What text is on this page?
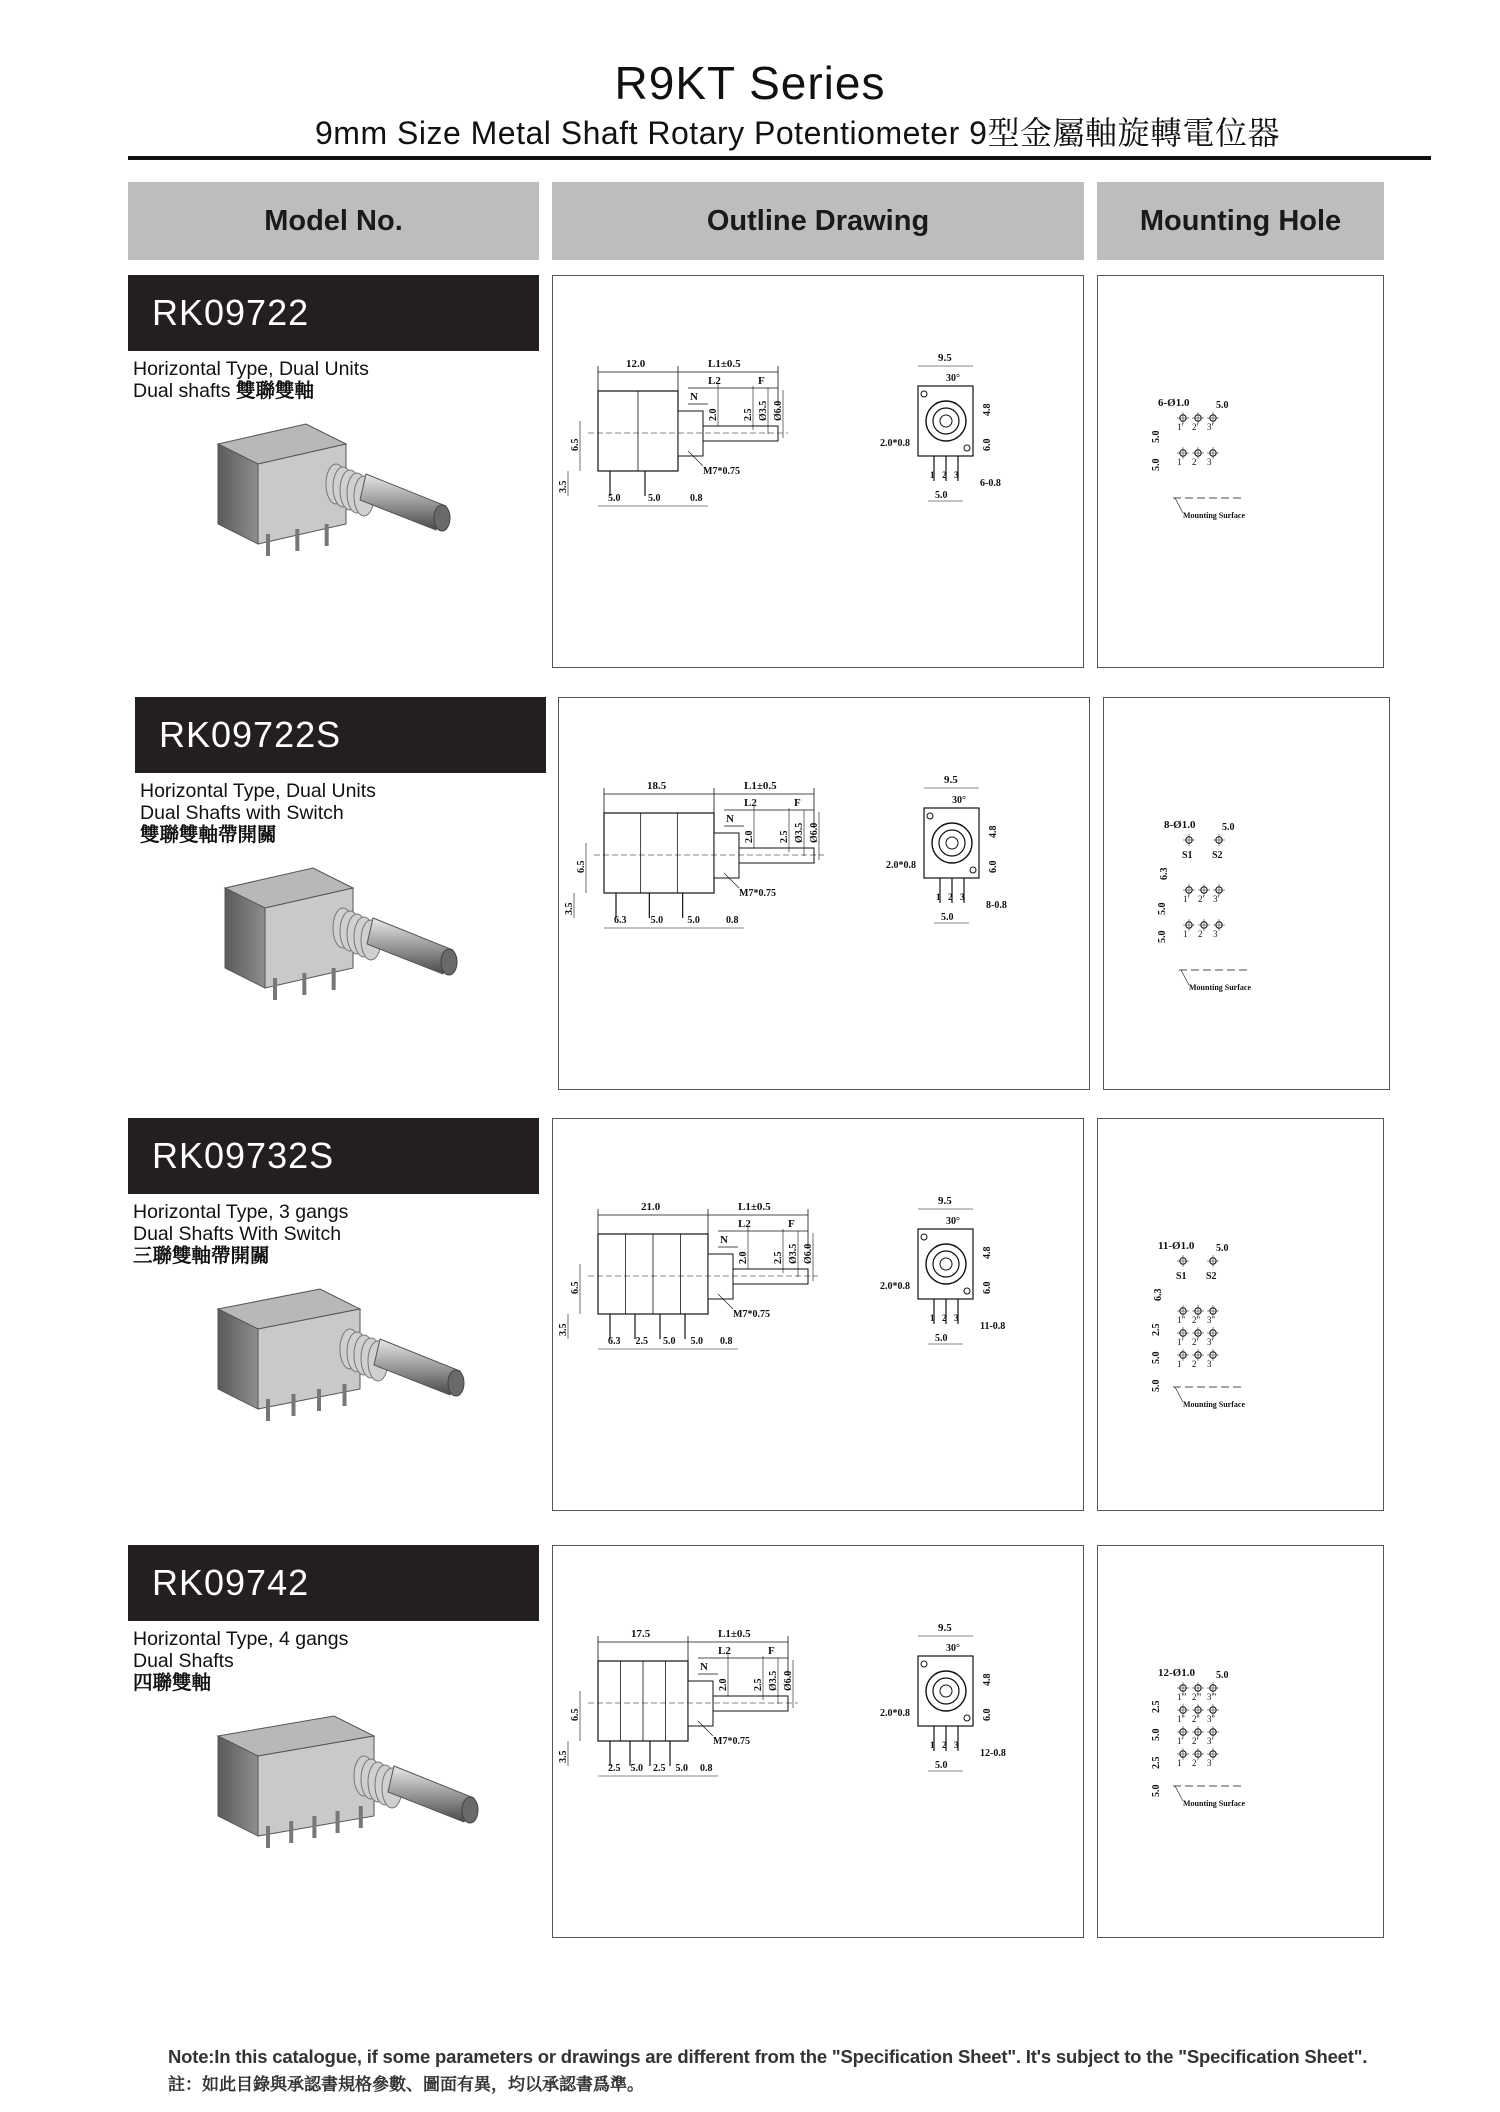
R9KT Series
9mm Size Metal Shaft Rotary Potentiometer 9型金屬軸旋轉電位器
Model No.	Outline Drawing	Mounting Hole
RK09722
Horizontal Type, Dual Units
Dual shafts 雙聯雙軸
12.0	L1±0.5
L2	F
N
2.0 2.5 Ø3.5 Ø6.0
M7*0.75
6.5
3.5
5.0	5.0	0.8
9.5
30°
4.8
6.0
2.0*0.8
1 2 3
5.0
6-0.8
6-Ø1.0	5.0
1' 2' 3'
1 2 3
5.0
5.0
Mounting Surface
RK09722S
Horizontal Type, Dual Units
Dual Shafts with Switch
雙聯雙軸帶開關
18.5	L1±0.5
L2	F
N
2.0 2.5 Ø3.5 Ø6.0
M7*0.75
6.5
3.5
6.3 5.0 5.0	0.8
9.5
30°
4.8
6.0
2.0*0.8
1 2 3
5.0
8-0.8
8-Ø1.0	5.0
S1 S2
6.3
1' 2' 3'
1 2 3
5.0
5.0
Mounting Surface
RK09732S
Horizontal Type, 3 gangs
Dual Shafts With Switch
三聯雙軸帶開關
21.0	L1±0.5
L2	F
N
2.0 2.5 Ø3.5 Ø6.0
M7*0.75
6.5
3.5
6.3 2.5 5.0 5.0 0.8
9.5
30°
4.8
6.0
2.0*0.8
1 2 3
5.0
11-0.8
11-Ø1.0 5.0
S1 S2
6.3
1" 2" 3"
1' 2' 3'
1 2 3
2.5
5.0
5.0
Mounting Surface
RK09742
Horizontal Type, 4 gangs
Dual Shafts
四聯雙軸
17.5	L1±0.5
L2	F
N
2.0 2.5 Ø3.5 Ø6.0
M7*0.75
6.5
3.5
2.5 5.0 2.5 5.0 0.8
9.5
30°
4.8
6.0
2.0*0.8
1 2 3
5.0
12-0.8
12-Ø1.0 5.0
1''' 2''' 3'''
1'' 2'' 3''
1' 2' 3'
1 2 3
2.5
5.0
2.5
5.0
Mounting Surface
Note:In this catalogue, if some parameters or drawings are different from the "Specification Sheet". It's subject to the "Specification Sheet".
註：如此目錄與承認書規格參數、圖面有異，均以承認書爲準。
